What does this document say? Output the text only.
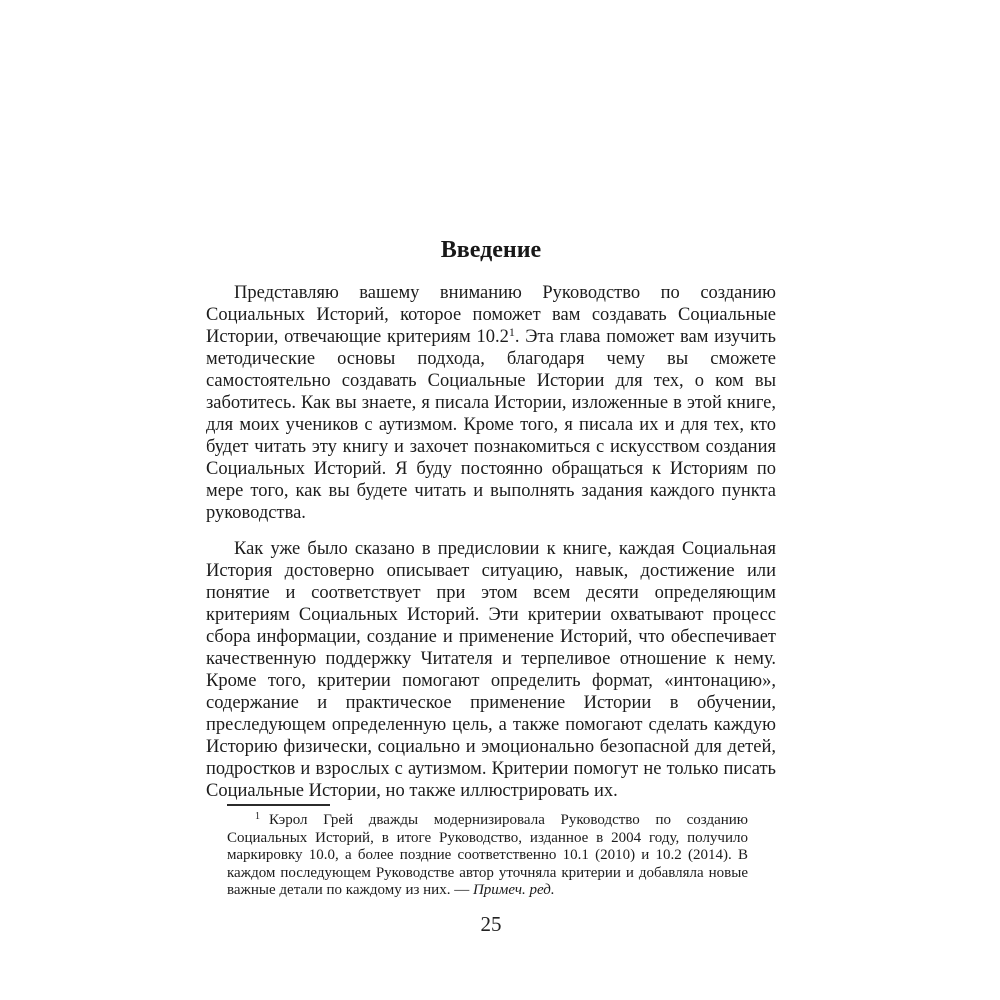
Введение

Представляю вашему вниманию Руководство по созданию Социальных Историй, которое поможет вам создавать Социальные Истории, отвечающие критериям 10.2$^1$. Эта глава поможет вам изучить методические основы подхода, благодаря чему вы сможете самостоятельно создавать Социальные Истории для тех, о ком вы заботитесь. Как вы знаете, я писала Истории, изложенные в этой книге, для моих учеников с аутизмом. Кроме того, я писала их и для тех, кто будет читать эту книгу и захочет познакомиться с искусством создания Социальных Историй. Я буду постоянно обращаться к Историям по мере того, как вы будете читать и выполнять задания каждого пункта руководства.

Как уже было сказано в предисловии к книге, каждая Социальная История достоверно описывает ситуацию, навык, достижение или понятие и соответствует при этом всем десяти определяющим критериям Социальных Историй. Эти критерии охватывают процесс сбора информации, создание и применение Историй, что обеспечивает качественную поддержку Читателя и терпеливое отношение к нему. Кроме того, критерии помогают определить формат, «интонацию», содержание и практическое применение Истории в обучении, преследующем определенную цель, а также помогают сделать каждую Историю физически, социально и эмоционально безопасной для детей, подростков и взрослых с аутизмом. Критерии помогут не только писать Социальные Истории, но также иллюстрировать их.

$^1$ Кэрол Грей дважды модернизировала Руководство по созданию Социальных Историй, в итоге Руководство, изданное в 2004 году, получило маркировку 10.0, а более поздние соответственно 10.1 (2010) и 10.2 (2014). В каждом последующем Руководстве автор уточняла критерии и добавляла новые важные детали по каждому из них. — Примеч. ред.

25
